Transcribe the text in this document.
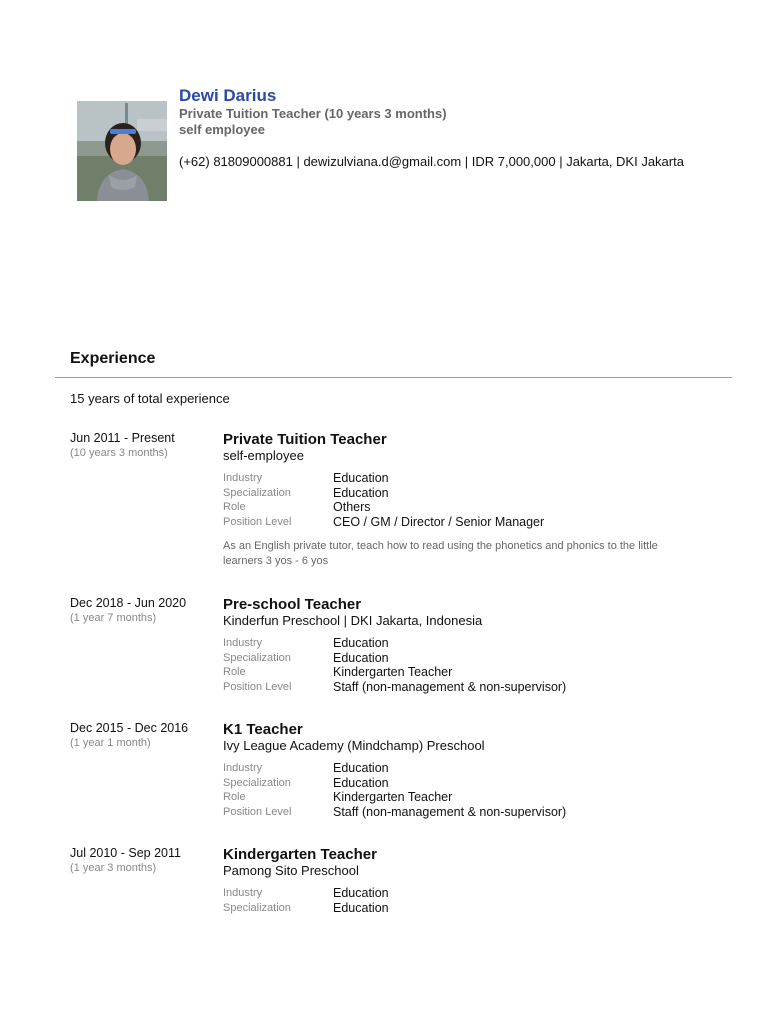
Dewi Darius
Private Tuition Teacher (10 years 3 months)
self employee
(+62) 81809000881 | dewizulviana.d@gmail.com | IDR 7,000,000 | Jakarta, DKI Jakarta
Experience
15 years of total experience
Jun 2011 - Present
(10 years 3 months)
Private Tuition Teacher
self-employee
Industry	Education
Specialization	Education
Role	Others
Position Level	CEO / GM / Director / Senior Manager
As an English private tutor, teach how to read using the phonetics and phonics to the little learners 3 yos - 6 yos
Dec 2018 - Jun 2020
(1 year 7 months)
Pre-school Teacher
Kinderfun Preschool | DKI Jakarta, Indonesia
Industry	Education
Specialization	Education
Role	Kindergarten Teacher
Position Level	Staff (non-management & non-supervisor)
Dec 2015 - Dec 2016
(1 year 1 month)
K1 Teacher
Ivy League Academy (Mindchamp) Preschool
Industry	Education
Specialization	Education
Role	Kindergarten Teacher
Position Level	Staff (non-management & non-supervisor)
Jul 2010 - Sep 2011
(1 year 3 months)
Kindergarten Teacher
Pamong Sito Preschool
Industry	Education
Specialization	Education
